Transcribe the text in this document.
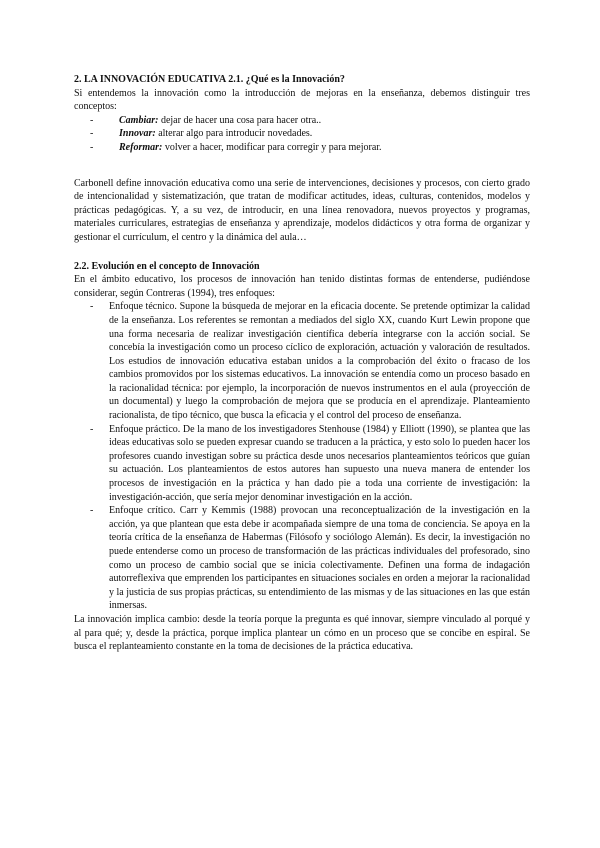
2. LA INNOVACIÓN EDUCATIVA 2.1. ¿Qué es la Innovación?

Si entendemos la innovación como la introducción de mejoras en la enseñanza, debemos distinguir tres conceptos:

-	Cambiar: dejar de hacer una cosa para hacer otra..
-	Innovar: alterar algo para introducir novedades.
-	Reformar: volver a hacer, modificar para corregir y para mejorar.

Carbonell define innovación educativa como una serie de intervenciones, decisiones y procesos, con cierto grado de intencionalidad y sistematización, que tratan de modificar actitudes, ideas, culturas, contenidos, modelos y prácticas pedagógicas. Y, a su vez, de introducir, en una línea renovadora, nuevos proyectos y programas, materiales curriculares, estrategias de enseñanza y aprendizaje, modelos didácticos y otra forma de organizar y gestionar el currículum, el centro y la dinámica del aula…

2.2. Evolución en el concepto de Innovación

En el ámbito educativo, los procesos de innovación han tenido distintas formas de entenderse, pudiéndose considerar, según Contreras (1994), tres enfoques:

- Enfoque técnico. Supone la búsqueda de mejorar en la eficacia docente. Se pretende optimizar la calidad de la enseñanza. Los referentes se remontan a mediados del siglo XX, cuando Kurt Lewin propone que una forma necesaria de realizar investigación científica debería integrarse con la acción social. Se concebía la investigación como un proceso cíclico de exploración, actuación y valoración de resultados. Los estudios de innovación educativa estaban unidos a la comprobación del éxito o fracaso de los cambios promovidos por los sistemas educativos. La innovación se entendía como un proceso basado en la racionalidad técnica: por ejemplo, la incorporación de nuevos instrumentos en el aula (proyección de un documental) y luego la comprobación de mejora que se producía en el aprendizaje. Planteamiento racionalista, de tipo técnico, que busca la eficacia y el control del proceso de enseñanza.
- Enfoque práctico. De la mano de los investigadores Stenhouse (1984) y Elliott (1990), se plantea que las ideas educativas solo se pueden expresar cuando se traducen a la práctica, y esto solo lo pueden hacer los profesores cuando investigan sobre su práctica desde unos necesarios planteamientos teóricos que guían su actuación. Los planteamientos de estos autores han supuesto una nueva manera de entender los procesos de investigación en la práctica y han dado pie a toda una corriente de investigación: la investigación-acción, que sería mejor denominar investigación en la acción.
- Enfoque crítico. Carr y Kemmis (1988) provocan una reconceptualización de la investigación en la acción, ya que plantean que esta debe ir acompañada siempre de una toma de conciencia. Se apoya en la teoría crítica de la enseñanza de Habermas (Filósofo y sociólogo Alemán). Es decir, la investigación no puede entenderse como un proceso de transformación de las prácticas individuales del profesorado, sino como un proceso de cambio social que se inicia colectivamente. Definen una forma de indagación autorreflexiva que emprenden los participantes en situaciones sociales en orden a mejorar la racionalidad y la justicia de sus propias prácticas, su entendimiento de las mismas y de las situaciones en las que están inmersas.

La innovación implica cambio: desde la teoría porque la pregunta es qué innovar, siempre vinculado al porqué y al para qué; y, desde la práctica, porque implica plantear un cómo en un proceso que se concibe en espiral. Se busca el replanteamiento constante en la toma de decisiones de la práctica educativa.
